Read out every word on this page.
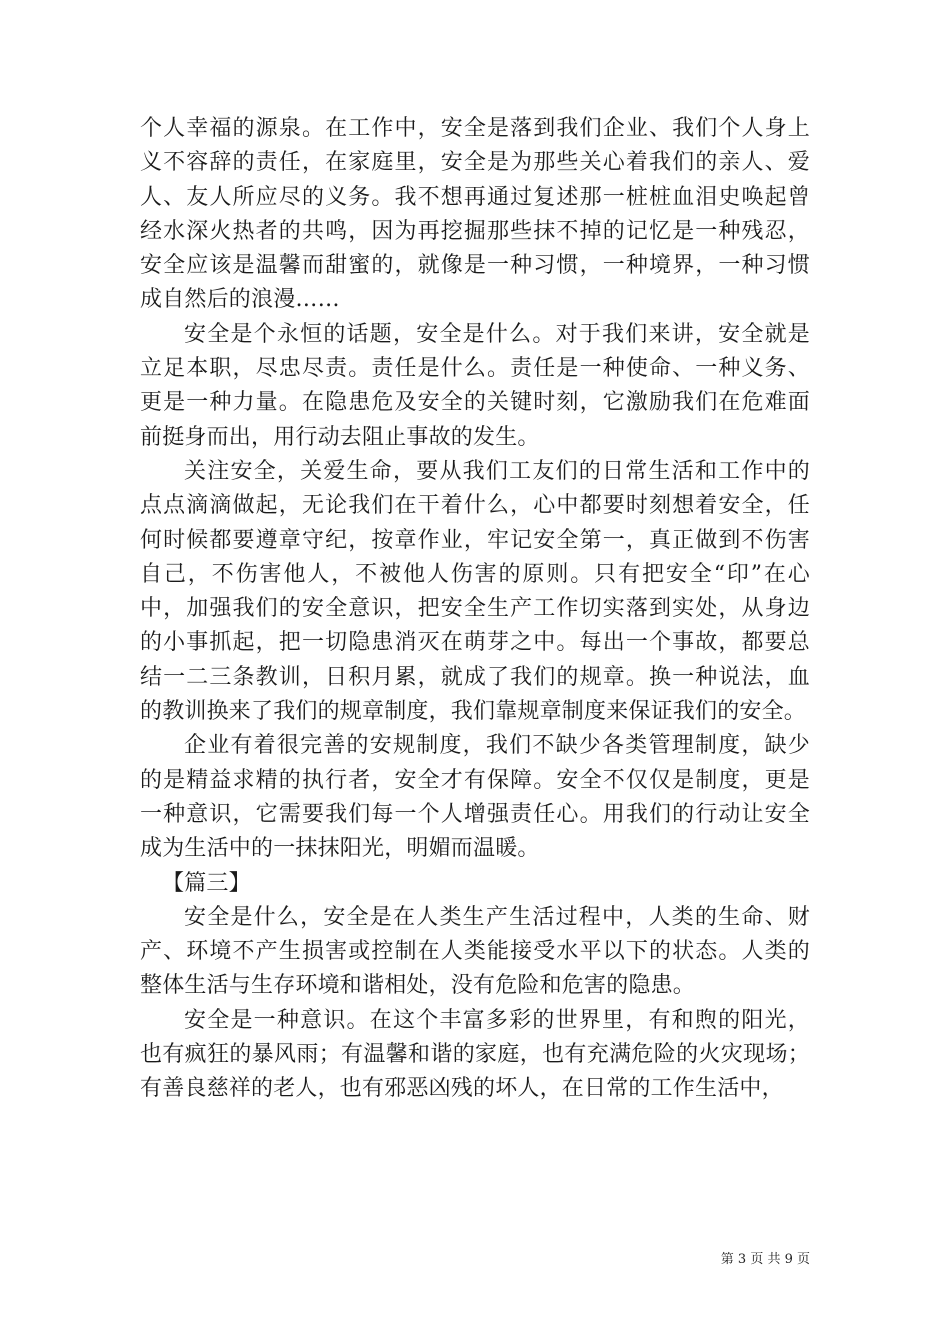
个人幸福的源泉。在工作中，安全是落到我们企业、我们个人身上
义不容辞的责任，在家庭里，安全是为那些关心着我们的亲人、爱
人、友人所应尽的义务。我不想再通过复述那一桩桩血泪史唤起曾
经水深火热者的共鸣，因为再挖掘那些抹不掉的记忆是一种残忍，
安全应该是温馨而甜蜜的，就像是一种习惯，一种境界，一种习惯
成自然后的浪漫……
安全是个永恒的话题，安全是什么。对于我们来讲，安全就是
立足本职，尽忠尽责。责任是什么。责任是一种使命、一种义务、
更是一种力量。在隐患危及安全的关键时刻，它激励我们在危难面
前挺身而出，用行动去阻止事故的发生。
关注安全，关爱生命，要从我们工友们的日常生活和工作中的
点点滴滴做起，无论我们在干着什么，心中都要时刻想着安全，任
何时候都要遵章守纪，按章作业，牢记安全第一，真正做到不伤害
自己，不伤害他人，不被他人伤害的原则。只有把安全“印”在心
中，加强我们的安全意识，把安全生产工作切实落到实处，从身边
的小事抓起，把一切隐患消灭在萌芽之中。每出一个事故，都要总
结一二三条教训，日积月累，就成了我们的规章。换一种说法，血
的教训换来了我们的规章制度，我们靠规章制度来保证我们的安全。
企业有着很完善的安规制度，我们不缺少各类管理制度，缺少
的是精益求精的执行者，安全才有保障。安全不仅仅是制度，更是
一种意识，它需要我们每一个人增强责任心。用我们的行动让安全
成为生活中的一抹抹阳光，明媚而温暖。
【篇三】
安全是什么，安全是在人类生产生活过程中，人类的生命、财
产、环境不产生损害或控制在人类能接受水平以下的状态。人类的
整体生活与生存环境和谐相处，没有危险和危害的隐患。
安全是一种意识。在这个丰富多彩的世界里，有和煦的阳光，
也有疯狂的暴风雨；有温馨和谐的家庭，也有充满危险的火灾现场；
有善良慈祥的老人，也有邪恶凶残的坏人，在日常的工作生活中，
第 3 页 共 9 页
